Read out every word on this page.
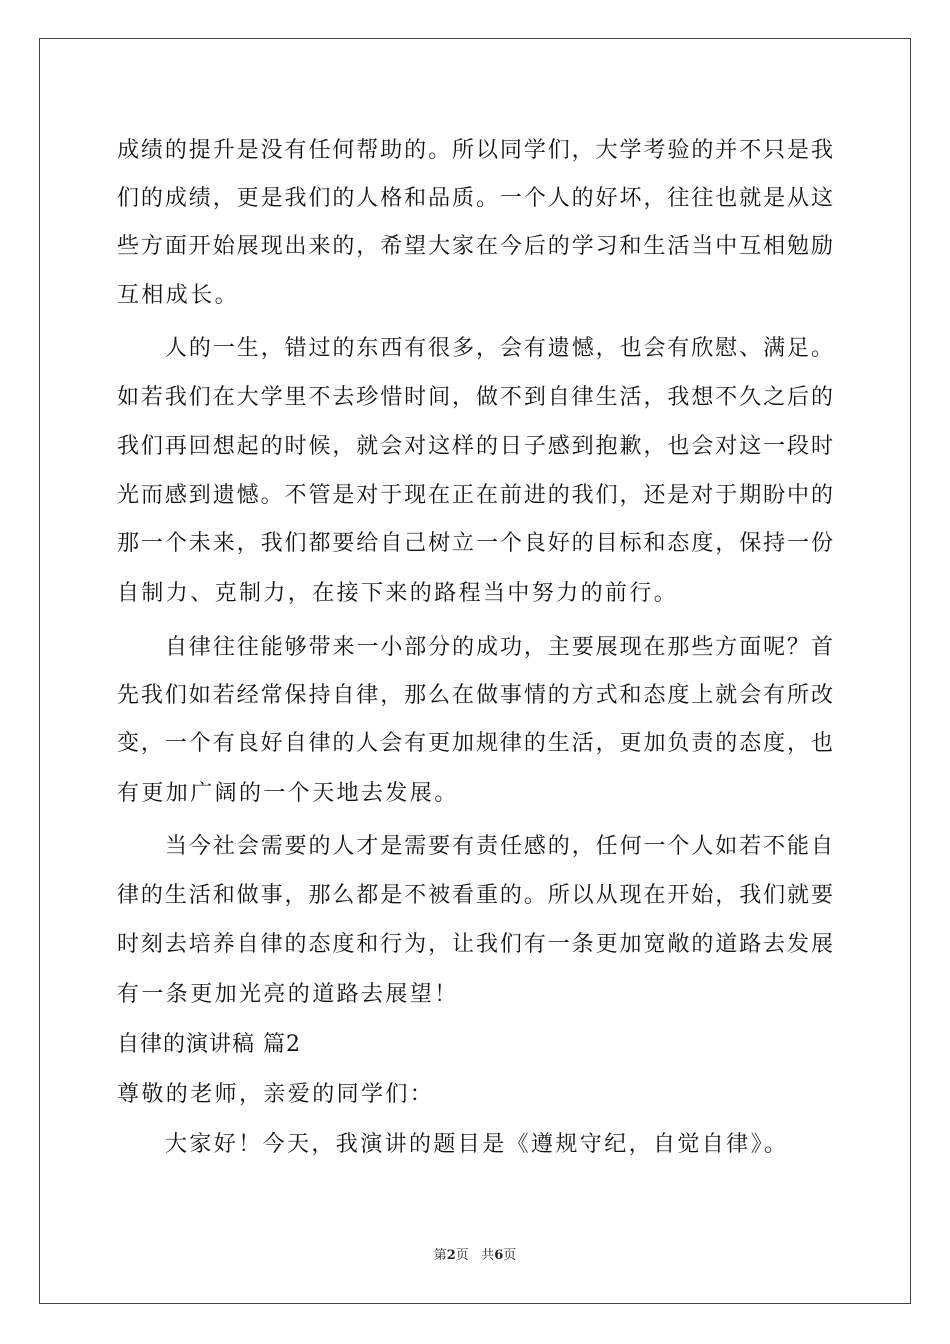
成绩的提升是没有任何帮助的。所以同学们，大学考验的并不只是我
们的成绩，更是我们的人格和品质。一个人的好坏，往往也就是从这
些方面开始展现出来的，希望大家在今后的学习和生活当中互相勉励
互相成长。
人的一生，错过的东西有很多，会有遗憾，也会有欣慰、满足。
如若我们在大学里不去珍惜时间，做不到自律生活，我想不久之后的
我们再回想起的时候，就会对这样的日子感到抱歉，也会对这一段时
光而感到遗憾。不管是对于现在正在前进的我们，还是对于期盼中的
那一个未来，我们都要给自己树立一个良好的目标和态度，保持一份
自制力、克制力，在接下来的路程当中努力的前行。
自律往往能够带来一小部分的成功，主要展现在那些方面呢？首
先我们如若经常保持自律，那么在做事情的方式和态度上就会有所改
变，一个有良好自律的人会有更加规律的生活，更加负责的态度，也
有更加广阔的一个天地去发展。
当今社会需要的人才是需要有责任感的，任何一个人如若不能自
律的生活和做事，那么都是不被看重的。所以从现在开始，我们就要
时刻去培养自律的态度和行为，让我们有一条更加宽敞的道路去发展
有一条更加光亮的道路去展望！
自律的演讲稿 篇2
尊敬的老师，亲爱的同学们：
大家好！今天，我演讲的题目是《遵规守纪，自觉自律》。
第2页 共6页
